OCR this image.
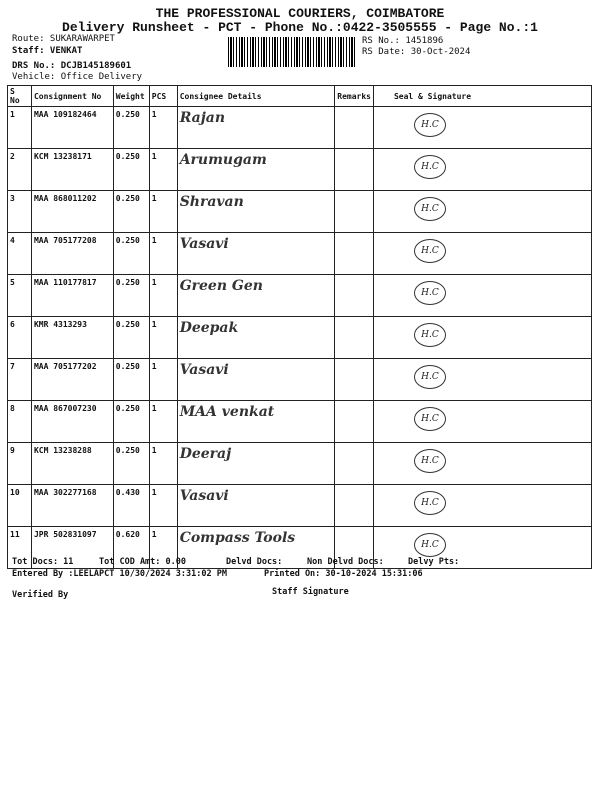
THE PROFESSIONAL COURIERS, COIMBATORE
Delivery Runsheet - PCT - Phone No.:0422-3505555 - Page No.:1
Route: SUKARAWARPET
Staff: VENKAT
DRS No.: DCJB145189601
Vehicle: Office Delivery
RS No.: 1451896
RS Date: 30-Oct-2024
S No	Consignment No	Weight	PCS	Consignee Details	Remarks	Seal & Signature
1	MAA 109182464	0.250	1	Rajan		H.C

2	KCM 13238171	0.250	1	Arumugam		H.C

3	MAA 868011202	0.250	1	Shravan		H.C

4	MAA 705177208	0.250	1	Vasavi		H.C

5	MAA 110177817	0.250	1	Green Gen		H.C

6	KMR 4313293	0.250	1	Deepak		H.C

7	MAA 705177202	0.250	1	Vasavi		H.C

8	MAA 867007230	0.250	1	MAA venkat		H.C

9	KCM 13238288	0.250	1	Deeraj		H.C

10	MAA 302277168	0.430	1	Vasavi		H.C

11	JPR 502831097	0.620	1	Compass Tools		H.C
Tot Docs: 11	Tot COD Amt: 0.00	Delvd Docs:	Non Delvd Docs:	Delvy Pts:
Entered By :LEELAPCT 10/30/2024 3:31:02 PM	Printed On: 30-10-2024 15:31:06
Verified By	Staff Signature
